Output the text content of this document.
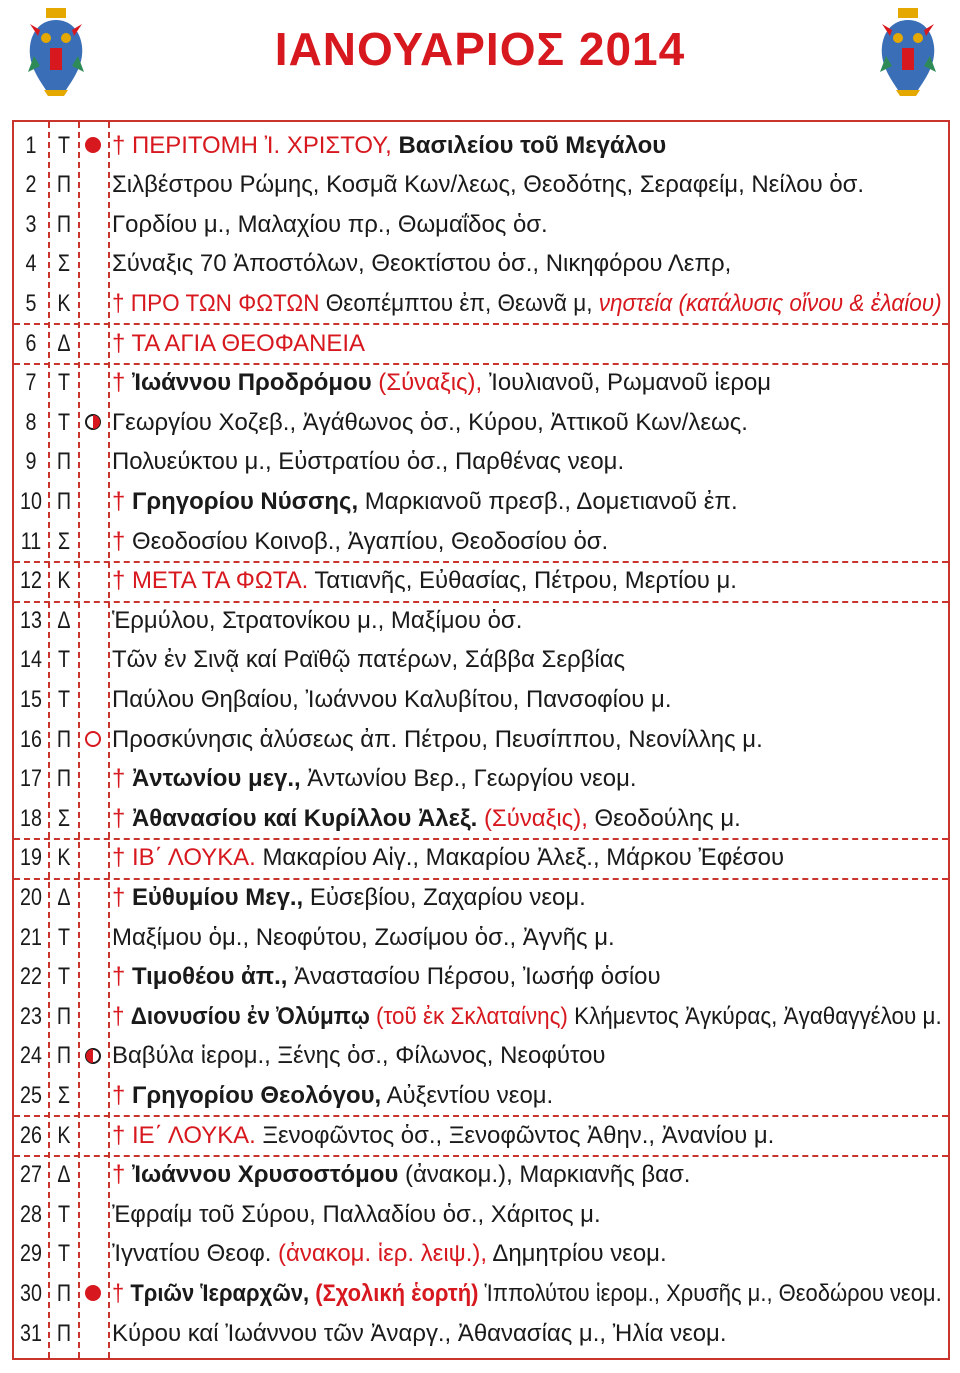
ΙΑΝΟΥΑΡΙΟΣ 2014
1 Τ † ΠΕΡΙΤΟΜΗ Ἰ. ΧΡΙΣΤΟΥ, Βασιλείου τοῦ Μεγάλου
2 Π Σιλβέστρου Ρώμης, Κοσμᾶ Κων/λεως, Θεοδότης, Σεραφείμ, Νείλου ὁσ.
3 Π Γορδίου μ., Μαλαχίου πρ., Θωμαΐδος ὁσ.
4 Σ Σύναξις 70 Ἀποστόλων, Θεοκτίστου ὁσ., Νικηφόρου Λεπρ,
5 Κ † ΠΡΟ ΤΩΝ ΦΩΤΩΝ Θεοπέμπτου ἐπ, Θεωνᾶ μ, νηστεία (κατάλυσις οἴνου & ἐλαίου)
6 Δ † ΤΑ ΑΓΙΑ ΘΕΟΦΑΝΕΙΑ
7 Τ † Ἰωάννου Προδρόμου (Σύναξις), Ἰουλιανοῦ, Ρωμανοῦ ἱερομ
8 Τ Γεωργίου Χοζεβ., Ἀγάθωνος ὁσ., Κύρου, Ἀττικοῦ Κων/λεως.
9 Π Πολυεύκτου μ., Εὐστρατίου ὁσ., Παρθένας νεομ.
10 Π † Γρηγορίου Νύσσης, Μαρκιανοῦ πρεσβ., Δομετιανοῦ ἐπ.
11 Σ † Θεοδοσίου Κοινοβ., Ἀγαπίου, Θεοδοσίου ὁσ.
12 Κ † ΜΕΤΑ ΤΑ ΦΩΤΑ. Τατιανῆς, Εὐθασίας, Πέτρου, Μερτίου μ.
13 Δ Ἑρμύλου, Στρατονίκου μ., Μαξίμου ὁσ.
14 Τ Τῶν ἐν Σινᾷ καί Ραϊθῷ πατέρων, Σάββα Σερβίας
15 Τ Παύλου Θηβαίου, Ἰωάννου Καλυβίτου, Πανσοφίου μ.
16 Π Προσκύνησις ἁλύσεως ἀπ. Πέτρου, Πευσίππου, Νεονίλλης μ.
17 Π † Ἀντωνίου μεγ., Ἀντωνίου Βερ., Γεωργίου νεομ.
18 Σ † Ἀθανασίου καί Κυρίλλου Ἀλεξ. (Σύναξις), Θεοδούλης μ.
19 Κ † ΙΒ΄ ΛΟΥΚΑ. Μακαρίου Αἰγ., Μακαρίου Ἀλεξ., Μάρκου Ἐφέσου
20 Δ † Εὐθυμίου Μεγ., Εὐσεβίου, Ζαχαρίου νεομ.
21 Τ Μαξίμου ὁμ., Νεοφύτου, Ζωσίμου ὁσ., Ἀγνῆς μ.
22 Τ † Τιμοθέου ἀπ., Ἀναστασίου Πέρσου, Ἰωσήφ ὁσίου
23 Π † Διονυσίου ἐν Ὀλύμπῳ (τοῦ ἐκ Σκλαταίνης) Κλήμεντος Ἀγκύρας, Ἀγαθαγγέλου μ.
24 Π Βαβύλα ἱερομ., Ξένης ὁσ., Φίλωνος, Νεοφύτου
25 Σ † Γρηγορίου Θεολόγου, Αὐξεντίου νεομ.
26 Κ † ΙΕ΄ ΛΟΥΚΑ. Ξενοφῶντος ὁσ., Ξενοφῶντος Ἀθην., Ἀνανίου μ.
27 Δ † Ἰωάννου Χρυσοστόμου (ἀνακομ.), Μαρκιανῆς βασ.
28 Τ Ἐφραίμ τοῦ Σύρου, Παλλαδίου ὁσ., Χάριτος μ.
29 Τ Ἰγνατίου Θεοφ. (ἀνακομ. ἱερ. λειψ.), Δημητρίου νεομ.
30 Π † Τριῶν Ἱεραρχῶν, (Σχολική ἑορτή) Ἱππολύτου ἱερομ., Χρυσῆς μ., Θεοδώρου νεομ.
31 Π Κύρου καί Ἰωάννου τῶν Ἀναργ., Ἀθανασίας μ., Ἠλία νεομ.
